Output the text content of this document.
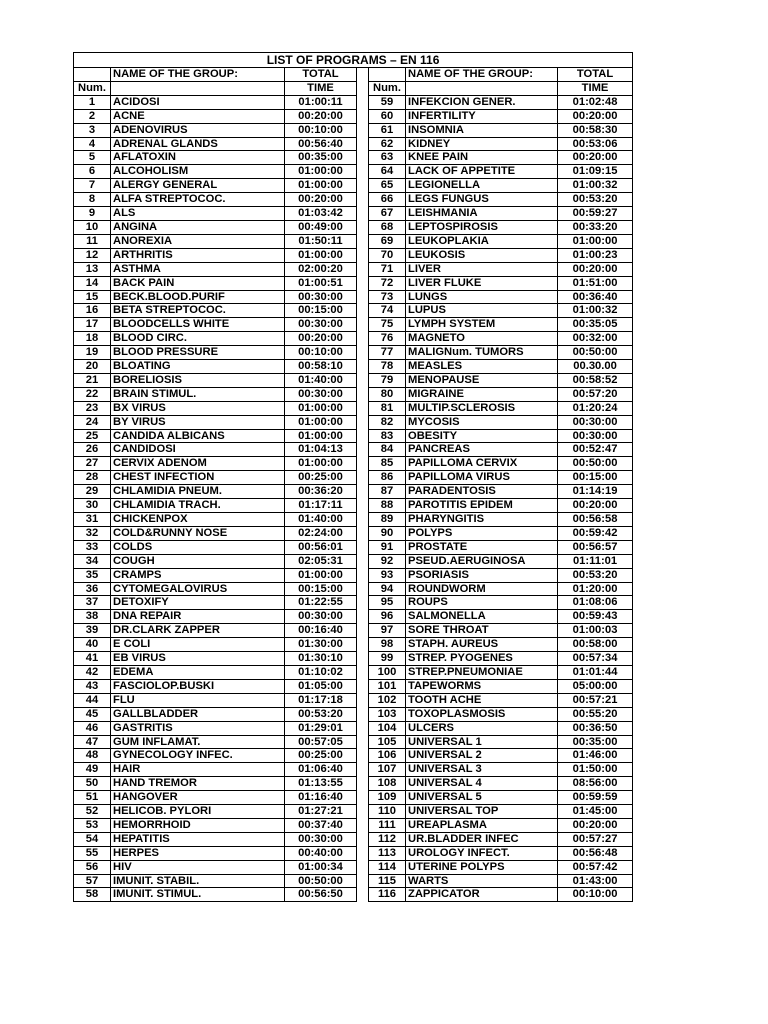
LIST OF PROGRAMS – EN 116						
	NAME OF THE GROUP:	TOTAL			NAME OF THE GROUP:	TOTAL
Num.		TIME		Num.		TIME
1	ACIDOSI	01:00:11		59	INFEKCION GENER.	01:02:48
2	ACNE	00:20:00		60	INFERTILITY	00:20:00
3	ADENOVIRUS	00:10:00		61	INSOMNIA	00:58:30
4	ADRENAL GLANDS	00:56:40		62	KIDNEY	00:53:06
5	AFLATOXIN	00:35:00		63	KNEE PAIN	00:20:00
6	ALCOHOLISM	01:00:00		64	LACK OF APPETITE	01:09:15
7	ALERGY GENERAL	01:00:00		65	LEGIONELLA	01:00:32
8	ALFA STREPTOCOC.	00:20:00		66	LEGS FUNGUS	00:53:20
9	ALS	01:03:42		67	LEISHMANIA	00:59:27
10	ANGINA	00:49:00		68	LEPTOSPIROSIS	00:33:20
11	ANOREXIA	01:50:11		69	LEUKOPLAKIA	01:00:00
12	ARTHRITIS	01:00:00		70	LEUKOSIS	01:00:23
13	ASTHMA	02:00:20		71	LIVER	00:20:00
14	BACK PAIN	01:00:51		72	LIVER FLUKE	01:51:00
15	BECK.BLOOD.PURIF	00:30:00		73	LUNGS	00:36:40
16	BETA STREPTOCOC.	00:15:00		74	LUPUS	01:00:32
17	BLOODCELLS WHITE	00:30:00		75	LYMPH SYSTEM	00:35:05
18	BLOOD CIRC.	00:20:00		76	MAGNETO	00:32:00
19	BLOOD PRESSURE	00:10:00		77	MALIGNum. TUMORS	00:50:00
20	BLOATING	00:58:10		78	MEASLES	00.30.00
21	BORELIOSIS	01:40:00		79	MENOPAUSE	00:58:52
22	BRAIN STIMUL.	00:30:00		80	MIGRAINE	00:57:20
23	BX VIRUS	01:00:00		81	MULTIP.SCLEROSIS	01:20:24
24	BY VIRUS	01:00:00		82	MYCOSIS	00:30:00
25	CANDIDA ALBICANS	01:00:00		83	OBESITY	00:30:00
26	CANDIDOSI	01:04:13		84	PANCREAS	00:52:47
27	CERVIX ADENOM	01:00:00		85	PAPILLOMA CERVIX	00:50:00
28	CHEST INFECTION	00:25:00		86	PAPILLOMA VIRUS	00:15:00
29	CHLAMIDIA PNEUM.	00:36:20		87	PARADENTOSIS	01:14:19
30	CHLAMIDIA TRACH.	01:17:11		88	PAROTITIS EPIDEM	00:20:00
31	CHICKENPOX	01:40:00		89	PHARYNGITIS	00:56:58
32	COLD&RUNNY NOSE	02:24:00		90	POLYPS	00:59:42
33	COLDS	00:56:01		91	PROSTATE	00:56:57
34	COUGH	02:05:31		92	PSEUD.AERUGINOSA	01:11:01
35	CRAMPS	01:00:00		93	PSORIASIS	00:53:20
36	CYTOMEGALOVIRUS	00:15:00		94	ROUNDWORM	01:20:00
37	DETOXIFY	01:22:55		95	ROUPS	01:08:06
38	DNA REPAIR	00:30:00		96	SALMONELLA	00:59:43
39	DR.CLARK ZAPPER	00:16:40		97	SORE THROAT	01:00:03
40	E COLI	01:30:00		98	STAPH. AUREUS	00:58:00
41	EB VIRUS	01:30:10		99	STREP. PYOGENES	00:57:34
42	EDEMA	01:10:02		100	STREP.PNEUMONIAE	01:01:44
43	FASCIOLOP.BUSKI	01:05:00		101	TAPEWORMS	05:00:00
44	FLU	01:17:18		102	TOOTH ACHE	00:57:21
45	GALLBLADDER	00:53:20		103	TOXOPLASMOSIS	00:55:20
46	GASTRITIS	01:29:01		104	ULCERS	00:36:50
47	GUM INFLAMAT.	00:57:05		105	UNIVERSAL 1	00:35:00
48	GYNECOLOGY INFEC.	00:25:00		106	UNIVERSAL 2	01:46:00
49	HAIR	01:06:40		107	UNIVERSAL 3	01:50:00
50	HAND TREMOR	01:13:55		108	UNIVERSAL 4	08:56:00
51	HANGOVER	01:16:40		109	UNIVERSAL 5	00:59:59
52	HELICOB. PYLORI	01:27:21		110	UNIVERSAL TOP	01:45:00
53	HEMORRHOID	00:37:40		111	UREAPLASMA	00:20:00
54	HEPATITIS	00:30:00		112	UR.BLADDER INFEC	00:57:27
55	HERPES	00:40:00		113	UROLOGY INFECT.	00:56:48
56	HIV	01:00:34		114	UTERINE POLYPS	00:57:42
57	IMUNIT. STABIL.	00:50:00		115	WARTS	01:43:00
58	IMUNIT. STIMUL.	00:56:50		116	ZAPPICATOR	00:10:00
